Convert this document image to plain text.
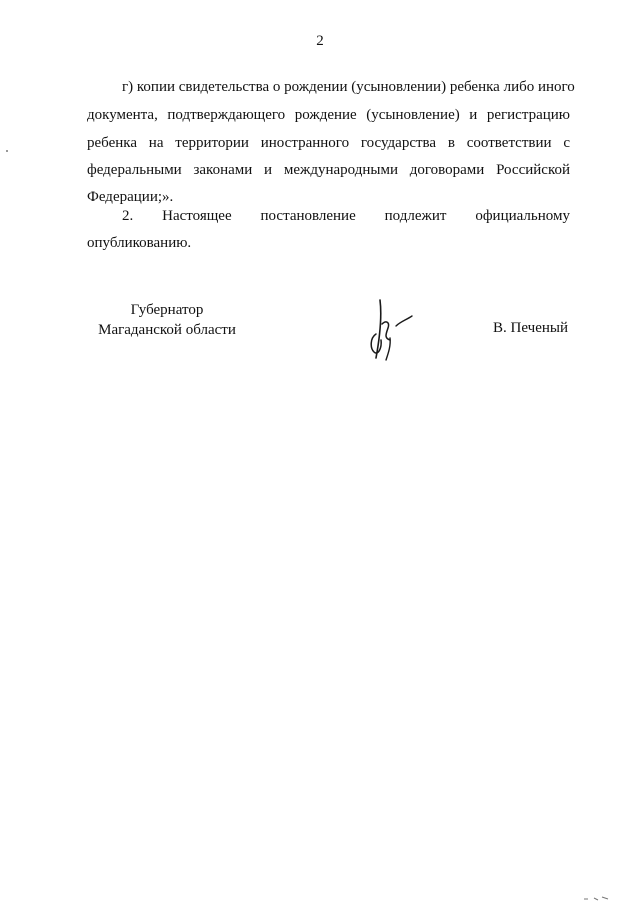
2
г) копии свидетельства о рождении (усыновлении) ребенка либо иного
документа, подтверждающего рождение (усыновление) и регистрацию
ребенка на территории иностранного государства в соответствии с
федеральными законами и международными договорами Российской
Федерации;».
2. Настоящее постановление подлежит официальному
опубликованию.
Губернатор
Магаданской области	В. Печеный
